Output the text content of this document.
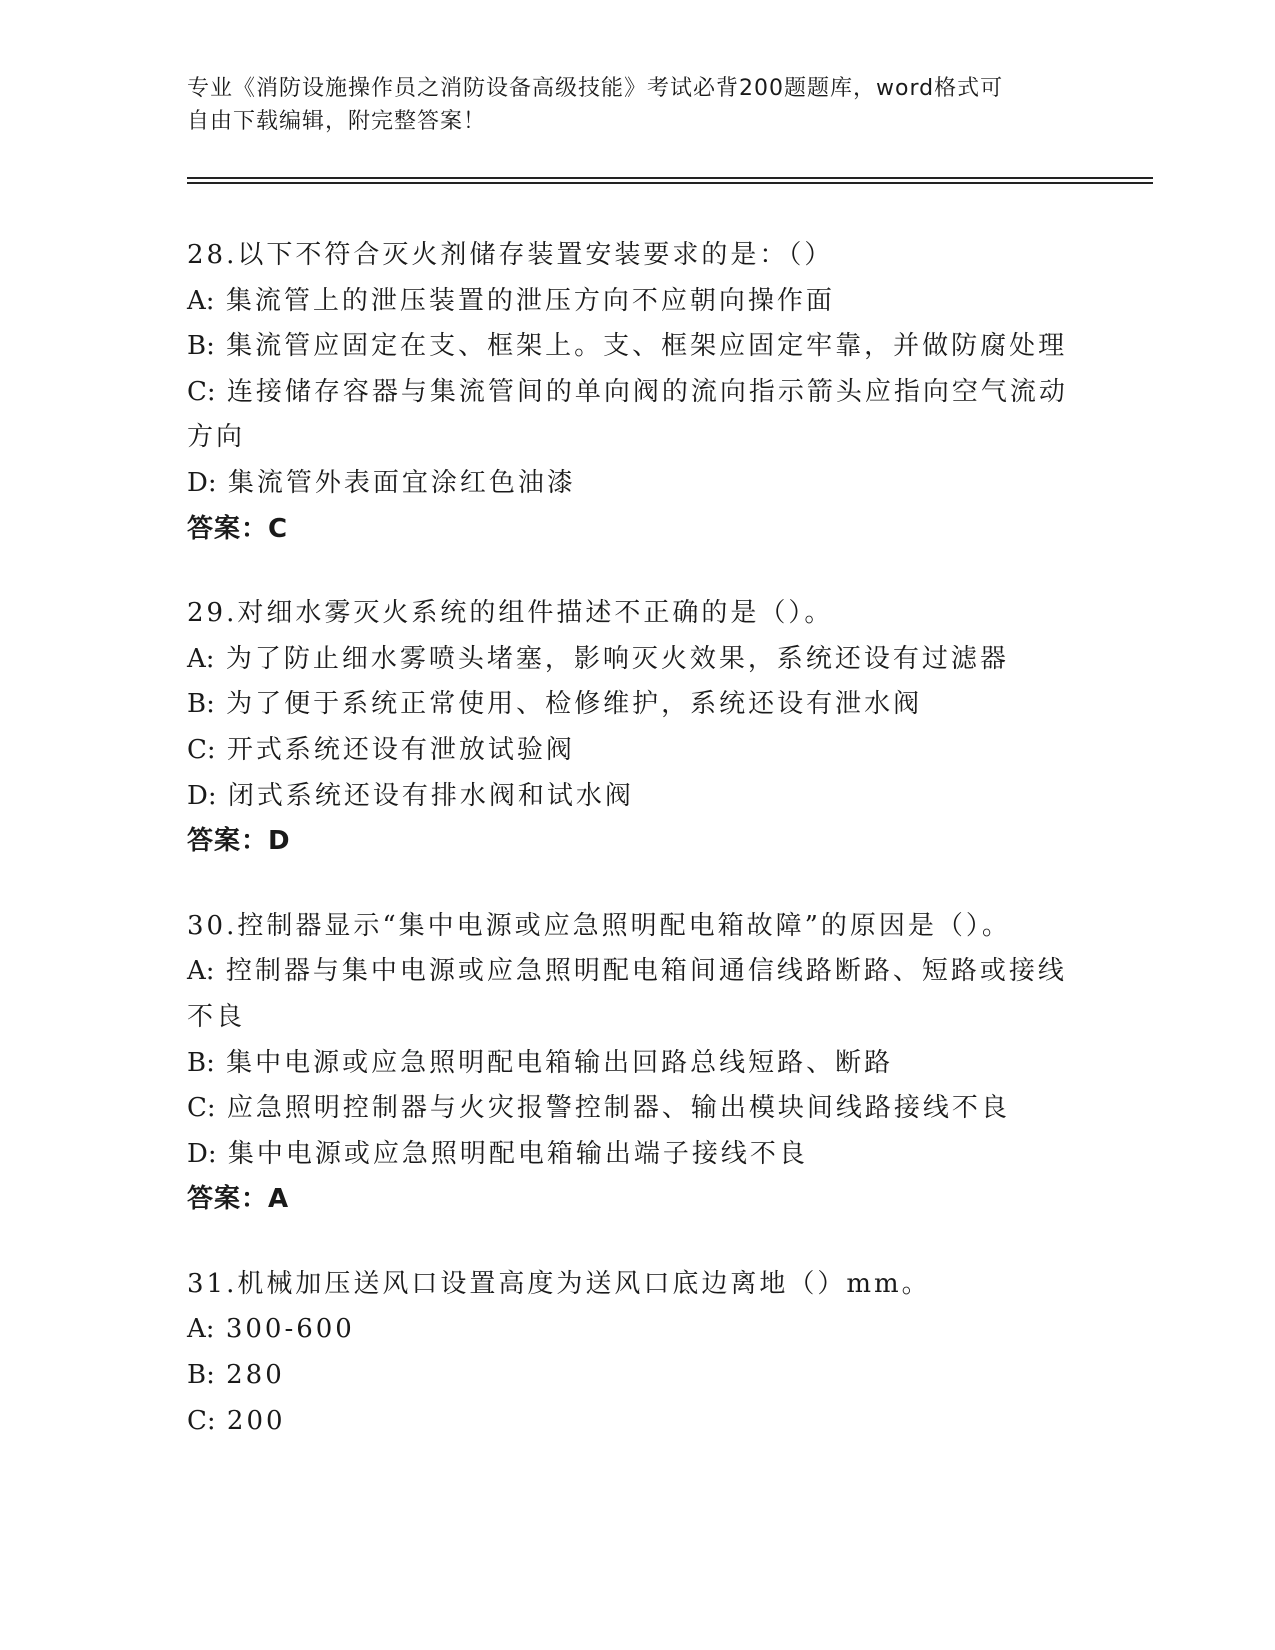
专业《消防设施操作员之消防设备高级技能》考试必背200题题库，word格式可
自由下载编辑，附完整答案！
28.以下不符合灭火剂储存装置安装要求的是：（）
A: 集流管上的泄压装置的泄压方向不应朝向操作面
B: 集流管应固定在支、框架上。支、框架应固定牢靠，并做防腐处理
C: 连接储存容器与集流管间的单向阀的流向指示箭头应指向空气流动方向
D: 集流管外表面宜涂红色油漆
答案：C
29.对细水雾灭火系统的组件描述不正确的是（）。
A: 为了防止细水雾喷头堵塞，影响灭火效果，系统还设有过滤器
B: 为了便于系统正常使用、检修维护，系统还设有泄水阀
C: 开式系统还设有泄放试验阀
D: 闭式系统还设有排水阀和试水阀
答案：D
30.控制器显示“集中电源或应急照明配电箱故障”的原因是（）。
A: 控制器与集中电源或应急照明配电箱间通信线路断路、短路或接线不良
B: 集中电源或应急照明配电箱输出回路总线短路、断路
C: 应急照明控制器与火灾报警控制器、输出模块间线路接线不良
D: 集中电源或应急照明配电箱输出端子接线不良
答案：A
31.机械加压送风口设置高度为送风口底边离地（）mm。
A: 300-600
B: 280
C: 200
